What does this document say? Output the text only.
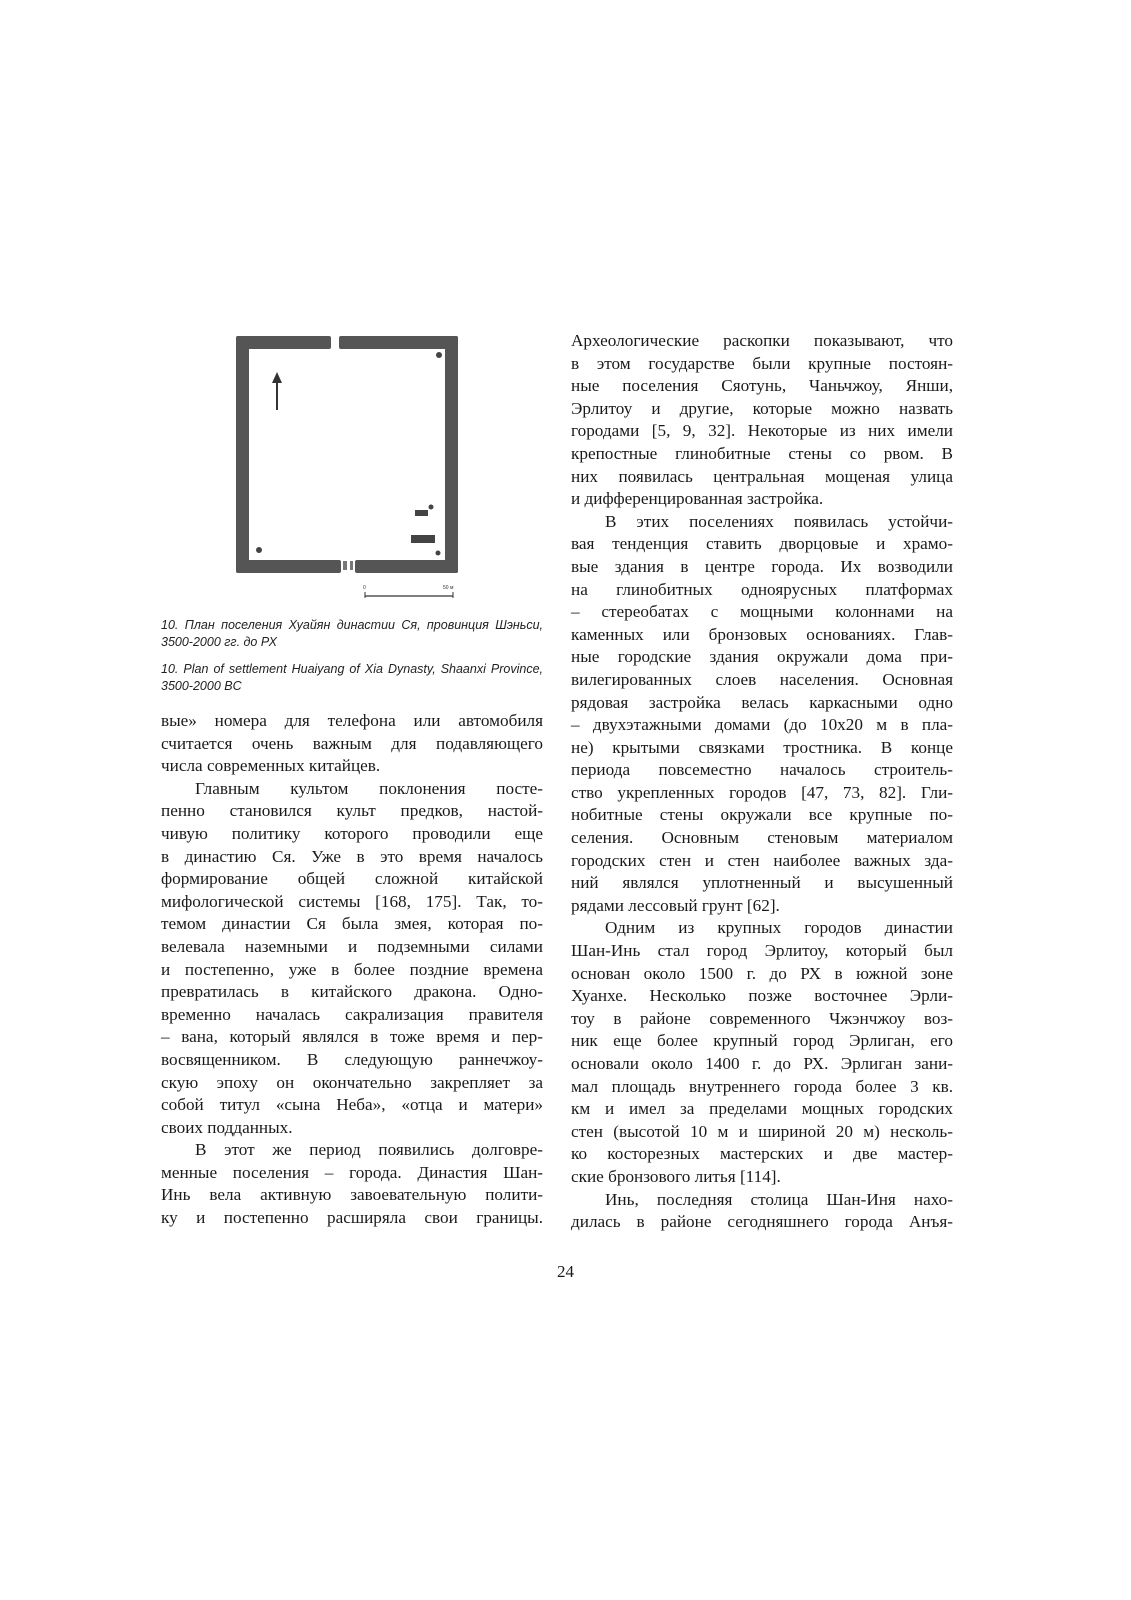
0	50 м
10. План поселения Хуайян династии Ся, провинция Шэньси, 3500-2000 гг. до РХ
10. Plan of settlement Huaiyang of Xia Dynasty, Shaanxi Province, 3500-2000 BC
вые» номера для телефона или автомобиля
считается очень важным для подавляющего
числа современных китайцев.
Главным культом поклонения посте-
пенно становился культ предков, настой-
чивую политику которого проводили еще
в династию Ся. Уже в это время началось
формирование общей сложной китайской
мифологической системы [168, 175]. Так, то-
темом династии Ся была змея, которая по-
велевала наземными и подземными силами
и постепенно, уже в более поздние времена
превратилась в китайского дракона. Одно-
временно началась сакрализация правителя
– вана, который являлся в тоже время и пер-
восвященником. В следующую раннечжоу-
скую эпоху он окончательно закрепляет за
собой титул «сына Неба», «отца и матери»
своих подданных.
В этот же период появились долговре-
менные поселения – города. Династия Шан-
Инь вела активную завоевательную полити-
ку и постепенно расширяла свои границы.
Археологические раскопки показывают, что
в этом государстве были крупные постоян-
ные поселения Сяотунь, Чаньчжоу, Янши,
Эрлитоу и другие, которые можно назвать
городами [5, 9, 32]. Некоторые из них имели
крепостные глинобитные стены со рвом. В
них появилась центральная мощеная улица
и дифференцированная застройка.
В этих поселениях появилась устойчи-
вая тенденция ставить дворцовые и храмо-
вые здания в центре города. Их возводили
на глинобитных одноярусных платформах
– стереобатах с мощными колоннами на
каменных или бронзовых основаниях. Глав-
ные городские здания окружали дома при-
вилегированных слоев населения. Основная
рядовая застройка велась каркасными одно
– двухэтажными домами (до 10х20 м в пла-
не) крытыми связками тростника. В конце
периода повсеместно началось строитель-
ство укрепленных городов [47, 73, 82]. Гли-
нобитные стены окружали все крупные по-
селения. Основным стеновым материалом
городских стен и стен наиболее важных зда-
ний являлся уплотненный и высушенный
рядами лессовый грунт [62].
Одним из крупных городов династии
Шан-Инь стал город Эрлитоу, который был
основан около 1500 г. до РХ в южной зоне
Хуанхе. Несколько позже восточнее Эрли-
тоу в районе современного Чжэнчжоу воз-
ник еще более крупный город Эрлиган, его
основали около 1400 г. до РХ. Эрлиган зани-
мал площадь внутреннего города более 3 кв.
км и имел за пределами мощных городских
стен (высотой 10 м и шириной 20 м) несколь-
ко косторезных мастерских и две мастер-
ские бронзового литья [114].
Инь, последняя столица Шан-Иня нахо-
дилась в районе сегодняшнего города Анъя-
24
